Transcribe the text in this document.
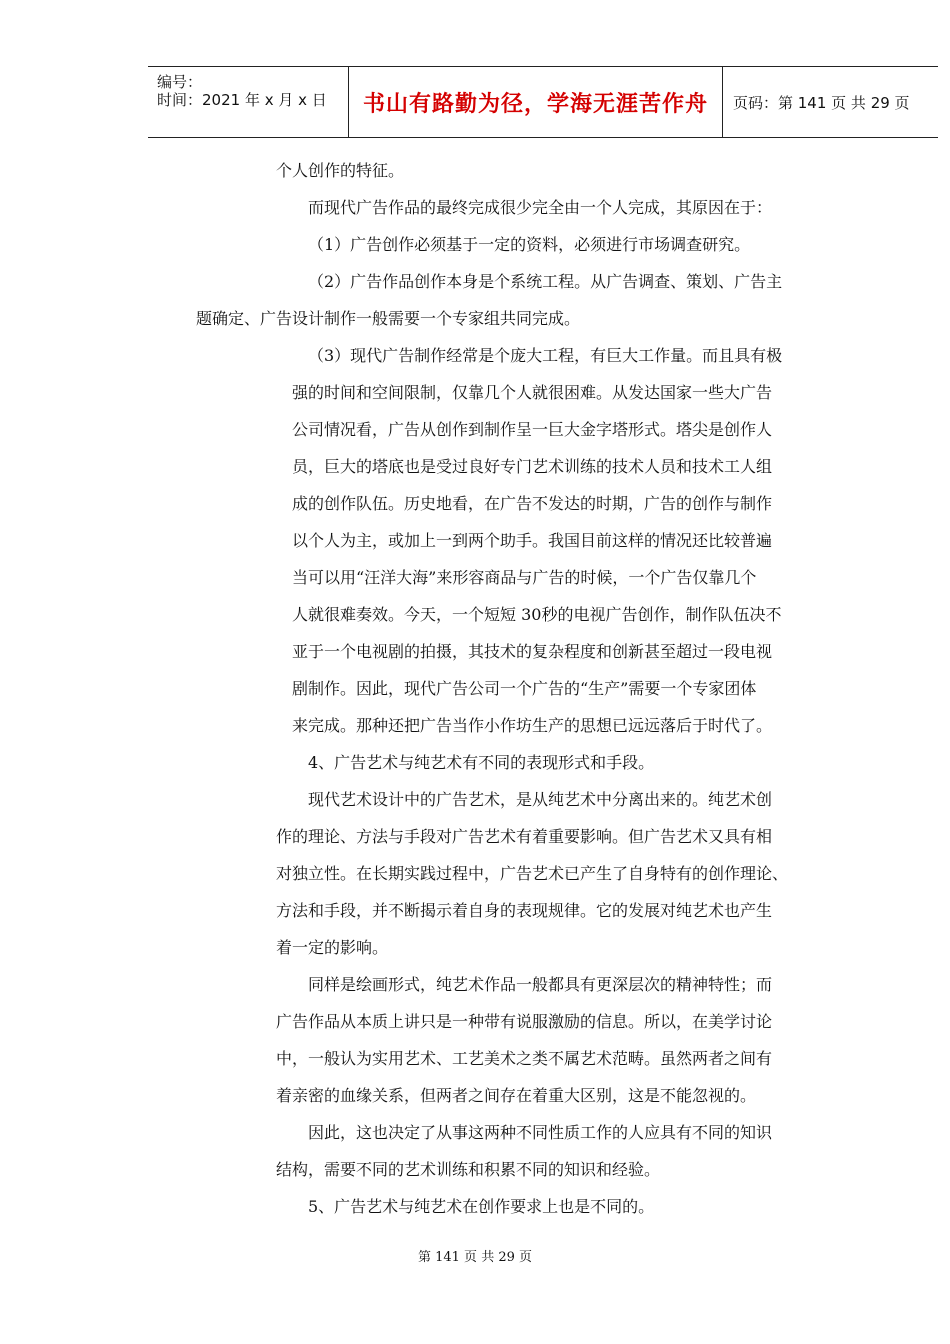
编号：
时间：2021 年 x 月 x 日	书山有路勤为径，学海无涯苦作舟	页码：第 141 页 共 29 页

个人创作的特征。

而现代广告作品的最终完成很少完全由一个人完成，其原因在于：

（1）广告创作必须基于一定的资料，必须进行市场调查研究。

（2）广告作品创作本身是个系统工程。从广告调查、策划、广告主

题确定、广告设计制作一般需要一个专家组共同完成。

（3）现代广告制作经常是个庞大工程，有巨大工作量。而且具有极

强的时间和空间限制，仅靠几个人就很困难。从发达国家一些大广告

公司情况看，广告从创作到制作呈一巨大金字塔形式。塔尖是创作人

员，巨大的塔底也是受过良好专门艺术训练的技术人员和技术工人组

成的创作队伍。历史地看，在广告不发达的时期，广告的创作与制作

以个人为主，或加上一到两个助手。我国目前这样的情况还比较普遍

当可以用“汪洋大海”来形容商品与广告的时候，一个广告仅靠几个

人就很难奏效。今天，一个短短 30秒的电视广告创作，制作队伍决不

亚于一个电视剧的拍摄，其技术的复杂程度和创新甚至超过一段电视

剧制作。因此，现代广告公司一个广告的“生产”需要一个专家团体

来完成。那种还把广告当作小作坊生产的思想已远远落后于时代了。

4、广告艺术与纯艺术有不同的表现形式和手段。

现代艺术设计中的广告艺术，是从纯艺术中分离出来的。纯艺术创

作的理论、方法与手段对广告艺术有着重要影响。但广告艺术又具有相

对独立性。在长期实践过程中，广告艺术已产生了自身特有的创作理论、

方法和手段，并不断揭示着自身的表现规律。它的发展对纯艺术也产生

着一定的影响。

同样是绘画形式，纯艺术作品一般都具有更深层次的精神特性；而

广告作品从本质上讲只是一种带有说服激励的信息。所以，在美学讨论

中，一般认为实用艺术、工艺美术之类不属艺术范畴。虽然两者之间有

着亲密的血缘关系，但两者之间存在着重大区别，这是不能忽视的。

因此，这也决定了从事这两种不同性质工作的人应具有不同的知识

结构，需要不同的艺术训练和积累不同的知识和经验。

5、广告艺术与纯艺术在创作要求上也是不同的。

第 141 页 共 29 页
